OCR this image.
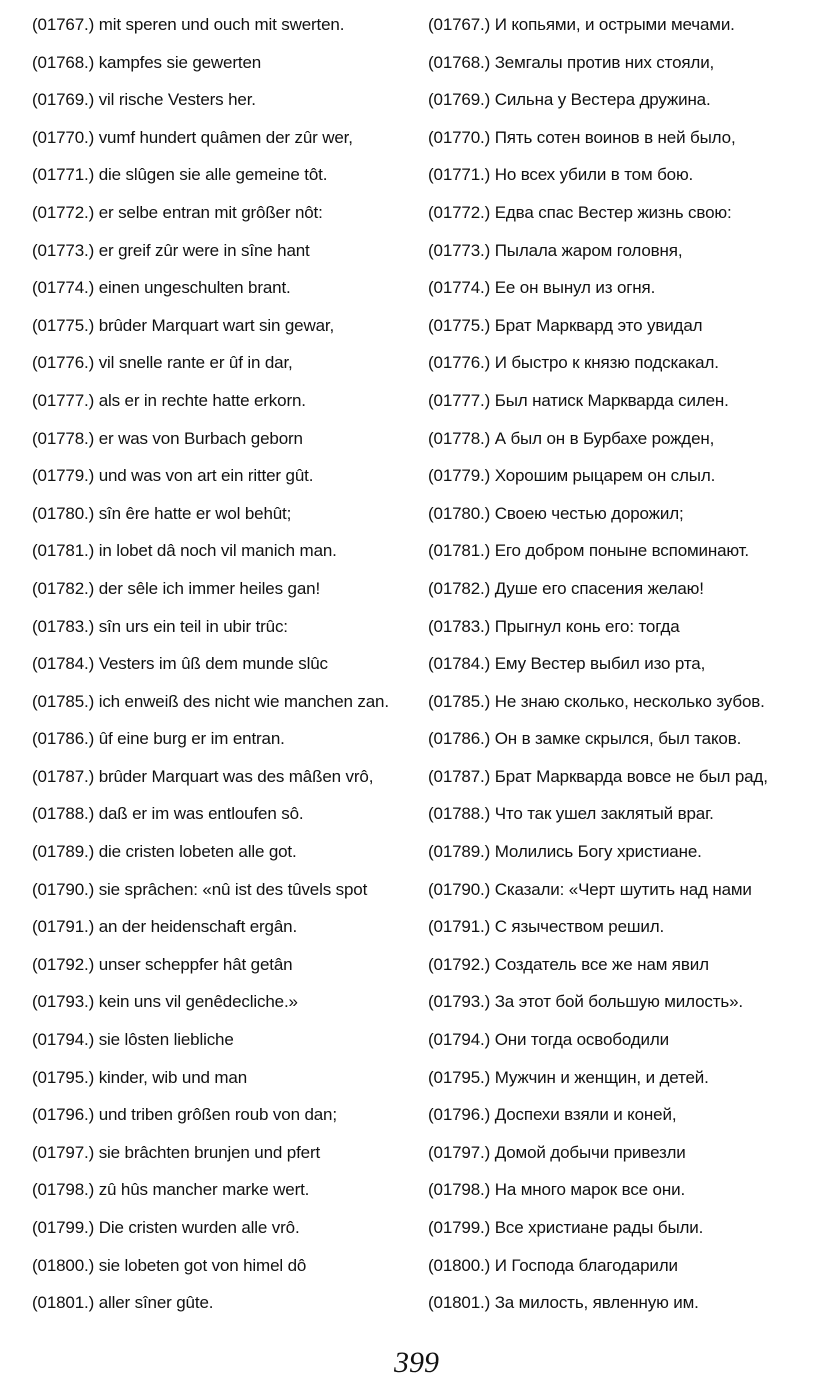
(01767.) mit speren und ouch mit swerten.	(01767.) И копьями, и острыми мечами.
(01768.) kampfes sie gewerten	(01768.) Земгалы против них стояли,
(01769.) vil rische Vesters her.	(01769.) Сильна у Вестера дружина.
(01770.) vumf hundert quâmen der zûr wer,	(01770.) Пять сотен воинов в ней было,
(01771.) die slûgen sie alle gemeine tôt.	(01771.) Но всех убили в том бою.
(01772.) er selbe entran mit grôßer nôt:	(01772.) Едва спас Вестер жизнь свою:
(01773.) er greif zûr were in sîne hant	(01773.) Пылала жаром головня,
(01774.) einen ungeschulten brant.	(01774.) Ее он вынул из огня.
(01775.) brûder Marquart wart sin gewar,	(01775.) Брат Марквард это увидал
(01776.) vil snelle rante er ûf in dar,	(01776.) И быстро к князю подскакал.
(01777.) als er in rechte hatte erkorn.	(01777.) Был натиск Маркварда силен.
(01778.) er was von Burbach geborn	(01778.) А был он в Бурбахе рожден,
(01779.) und was von art ein ritter gût.	(01779.) Хорошим рыцарем он слыл.
(01780.) sîn êre hatte er wol behût;	(01780.) Своею честью дорожил;
(01781.) in lobet dâ noch vil manich man.	(01781.) Его добром поныне вспоминают.
(01782.) der sêle ich immer heiles gan!	(01782.) Душе его спасения желаю!
(01783.) sîn urs ein teil in ubir trûc:	(01783.) Прыгнул конь его: тогда
(01784.) Vesters im ûß dem munde slûc	(01784.) Ему Вестер выбил изо рта,
(01785.) ich enweiß des nicht wie manchen zan. (01785.) Не знаю сколько, несколько зубов.
(01786.) ûf eine burg er im entran.	(01786.) Он в замке скрылся, был таков.
(01787.) brûder Marquart was des mâßen vrô,	(01787.) Брат Маркварда вовсе не был рад,
(01788.) daß er im was entloufen sô.	(01788.) Что так ушел заклятый враг.
(01789.) die cristen lobeten alle got.	(01789.) Молились Богу христиане.
(01790.) sie sprâchen: «nû ist des tûvels spot	(01790.) Сказали: «Черт шутить над нами
(01791.) an der heidenschaft ergân.	(01791.) С язычеством решил.
(01792.) unser scheppfer hât getân	(01792.) Создатель все же нам явил
(01793.) kein uns vil genêdecliche.»	(01793.) За этот бой большую милость».
(01794.) sie lôsten liebliche	(01794.) Они тогда освободили
(01795.) kinder, wib und man	(01795.) Мужчин и женщин, и детей.
(01796.) und triben grôßen roub von dan;	(01796.) Доспехи взяли и коней,
(01797.) sie brâchten brunjen und pfert	(01797.) Домой добычи привезли
(01798.) zû hûs mancher marke wert.	(01798.) На много марок все они.
(01799.) Die cristen wurden alle vrô.	(01799.) Все христиане рады были.
(01800.) sie lobeten got von himel dô	(01800.) И Господа благодарили
(01801.) aller sîner gûte.	(01801.) За милость, явленную им.
399
